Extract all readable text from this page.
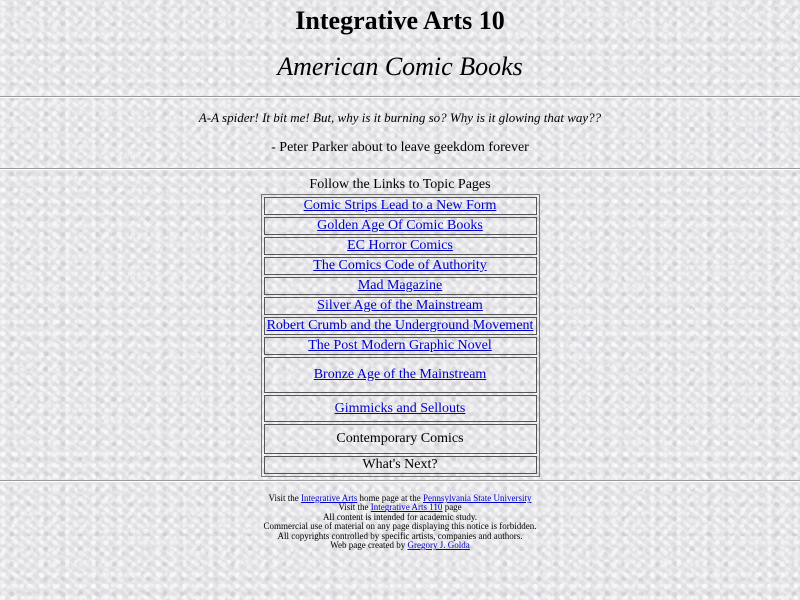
Integrative Arts 10
American Comic Books

A-A spider! It bit me! But, why is it burning so? Why is it glowing that way??

- Peter Parker about to leave geekdom forever

Follow the Links to Topic Pages

Comic Strips Lead to a New Form
Golden Age Of Comic Books
EC Horror Comics
The Comics Code of Authority
Mad Magazine
Silver Age of the Mainstream
Robert Crumb and the Underground Movement
The Post Modern Graphic Novel
Bronze Age of the Mainstream
Gimmicks and Sellouts
Contemporary Comics
What's Next?
Visit the Integrative Arts home page at the Pennsylvania State University
Visit the Integrative Arts 110 page
All content is intended for academic study.
Commercial use of material on any page displaying this notice is forbidden.
All copyrights controlled by specific artists, companies and authors.
Web page created by Gregory J. Golda
